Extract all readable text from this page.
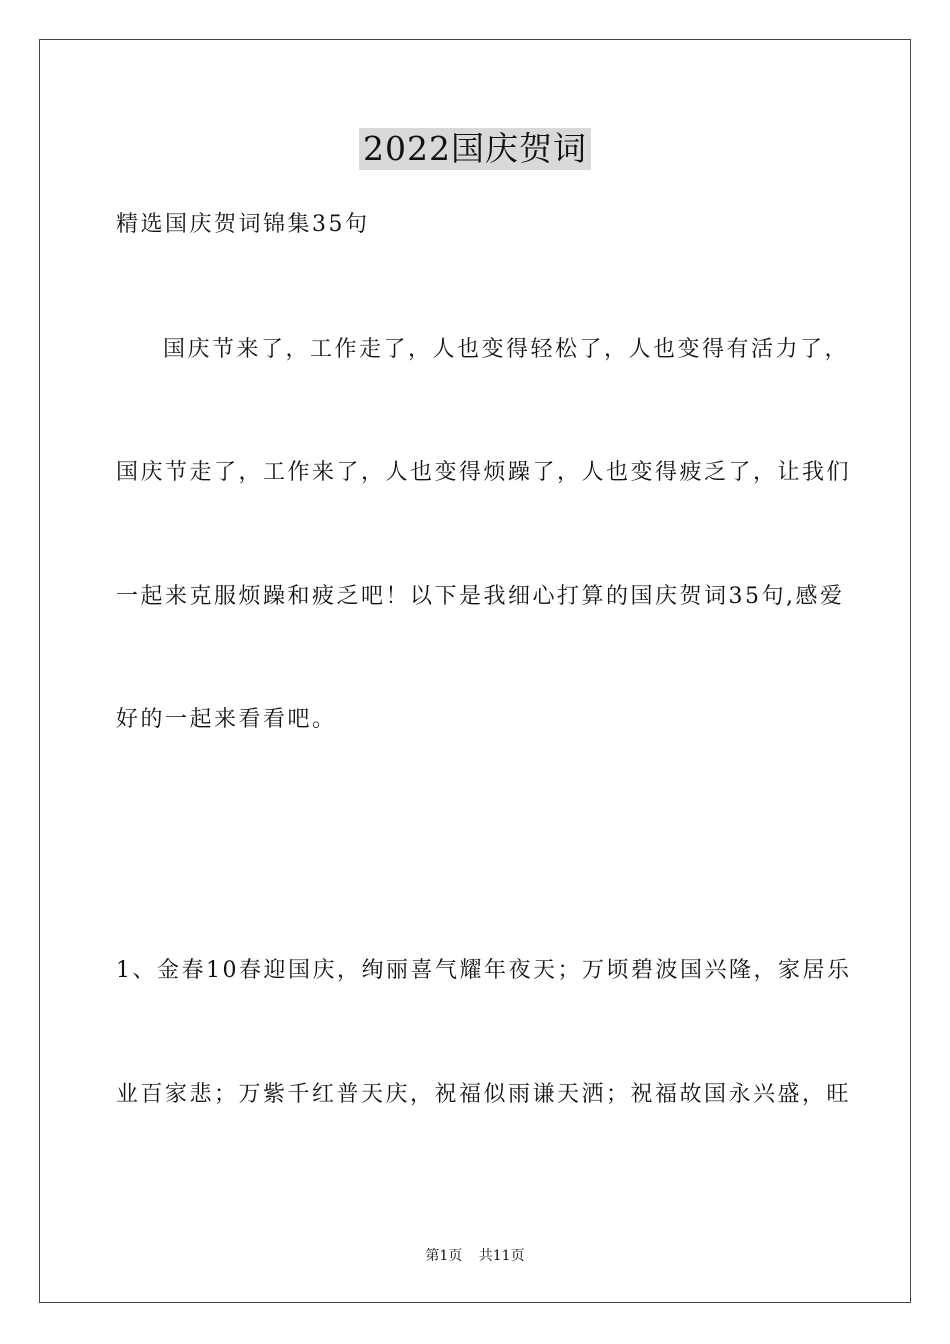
2022国庆贺词
精选国庆贺词锦集35句
国庆节来了，工作走了，人也变得轻松了，人也变得有活力了，
国庆节走了，工作来了，人也变得烦躁了，人也变得疲乏了，让我们
一起来克服烦躁和疲乏吧！以下是我细心打算的国庆贺词35句,感爱
好的一起来看看吧。
1、金春10春迎国庆，绚丽喜气耀年夜天；万顷碧波国兴隆，家居乐
业百家悲；万紫千红普天庆，祝福似雨谦天洒；祝福故国永兴盛，旺
第1页 共11页
